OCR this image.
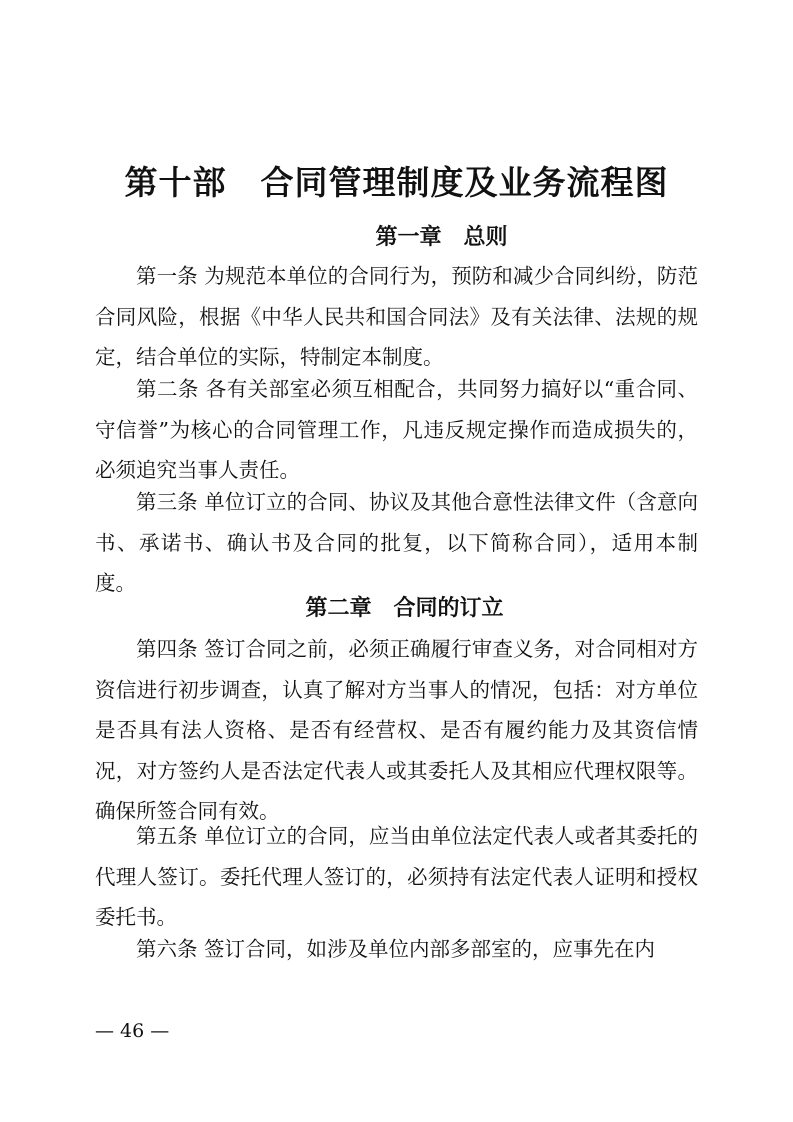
第十部　合同管理制度及业务流程图
第一章　总则

第一条 为规范本单位的合同行为，预防和减少合同纠纷，防范合同风险，根据《中华人民共和国合同法》及有关法律、法规的规定，结合单位的实际，特制定本制度。

第二条 各有关部室必须互相配合，共同努力搞好以“重合同、守信誉”为核心的合同管理工作，凡违反规定操作而造成损失的，必须追究当事人责任。

第三条 单位订立的合同、协议及其他合意性法律文件（含意向书、承诺书、确认书及合同的批复，以下简称合同），适用本制度。

第二章　合同的订立

第四条 签订合同之前，必须正确履行审查义务，对合同相对方资信进行初步调查，认真了解对方当事人的情况，包括：对方单位是否具有法人资格、是否有经营权、是否有履约能力及其资信情况，对方签约人是否法定代表人或其委托人及其相应代理权限等。确保所签合同有效。

第五条 单位订立的合同，应当由单位法定代表人或者其委托的代理人签订。委托代理人签订的，必须持有法定代表人证明和授权委托书。

第六条 签订合同，如涉及单位内部多部室的，应事先在内

— 46 —
